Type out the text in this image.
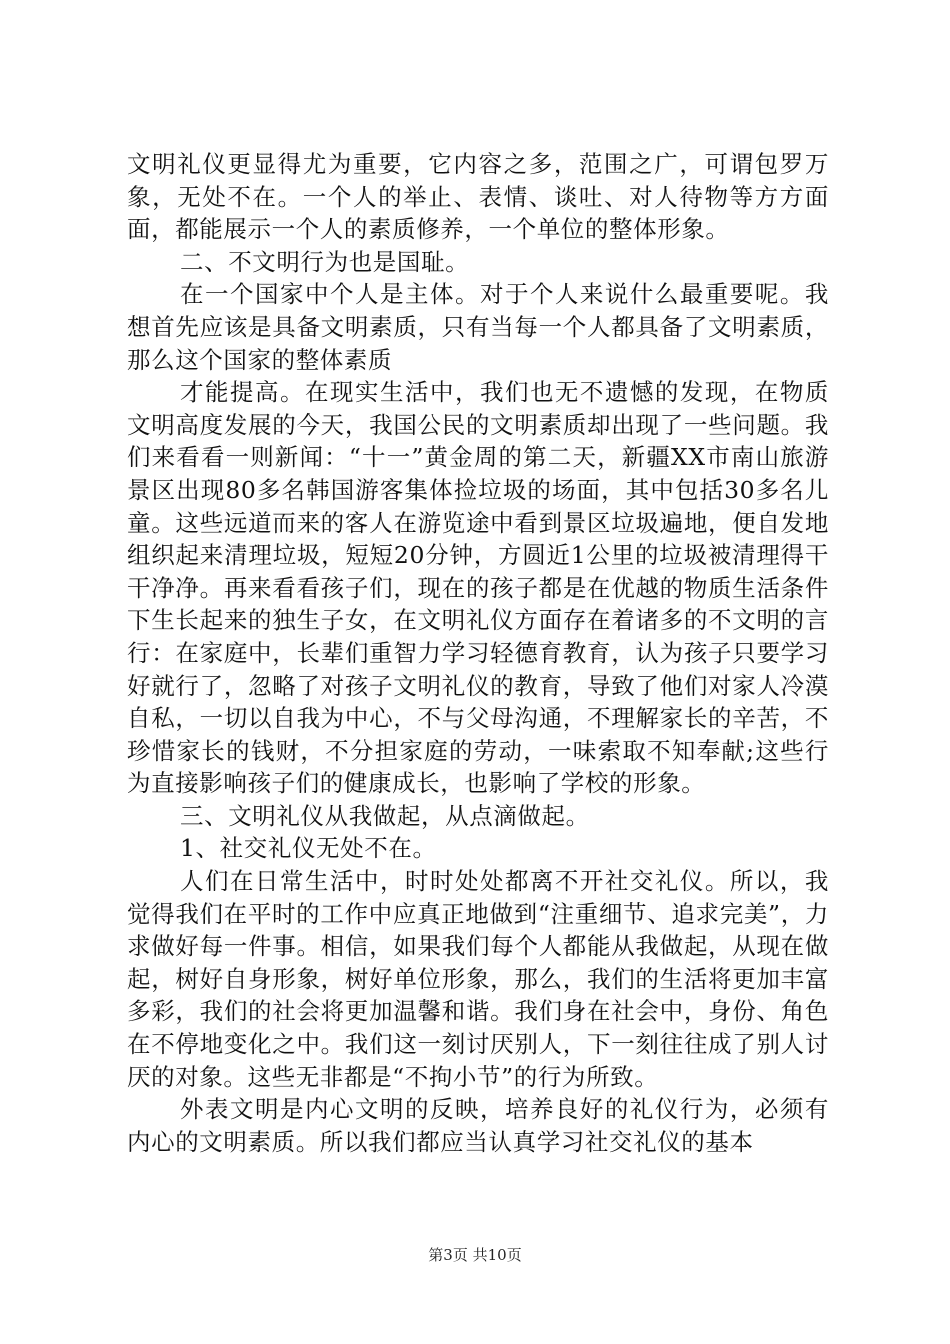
文明礼仪更显得尤为重要，它内容之多，范围之广，可谓包罗万象，无处不在。一个人的举止、表情、谈吐、对人待物等方方面面，都能展示一个人的素质修养，一个单位的整体形象。

二、不文明行为也是国耻。

在一个国家中个人是主体。对于个人来说什么最重要呢。我想首先应该是具备文明素质，只有当每一个人都具备了文明素质，那么这个国家的整体素质

才能提高。在现实生活中，我们也无不遗憾的发现，在物质文明高度发展的今天，我国公民的文明素质却出现了一些问题。我们来看看一则新闻：“十一”黄金周的第二天，新疆XX市南山旅游景区出现80多名韩国游客集体捡垃圾的场面，其中包括30多名儿童。这些远道而来的客人在游览途中看到景区垃圾遍地，便自发地组织起来清理垃圾，短短20分钟，方圆近1公里的垃圾被清理得干干净净。再来看看孩子们，现在的孩子都是在优越的物质生活条件下生长起来的独生子女，在文明礼仪方面存在着诸多的不文明的言行：在家庭中，长辈们重智力学习轻德育教育，认为孩子只要学习好就行了，忽略了对孩子文明礼仪的教育，导致了他们对家人冷漠自私，一切以自我为中心，不与父母沟通，不理解家长的辛苦，不珍惜家长的钱财，不分担家庭的劳动，一味索取不知奉献;这些行为直接影响孩子们的健康成长，也影响了学校的形象。

三、文明礼仪从我做起，从点滴做起。

1、社交礼仪无处不在。

人们在日常生活中，时时处处都离不开社交礼仪。所以，我觉得我们在平时的工作中应真正地做到“注重细节、追求完美”，力求做好每一件事。相信，如果我们每个人都能从我做起，从现在做起，树好自身形象，树好单位形象，那么，我们的生活将更加丰富多彩，我们的社会将更加温馨和谐。我们身在社会中，身份、角色在不停地变化之中。我们这一刻讨厌别人，下一刻往往成了别人讨厌的对象。这些无非都是“不拘小节”的行为所致。

外表文明是内心文明的反映，培养良好的礼仪行为，必须有内心的文明素质。所以我们都应当认真学习社交礼仪的基本

第3页 共10页
